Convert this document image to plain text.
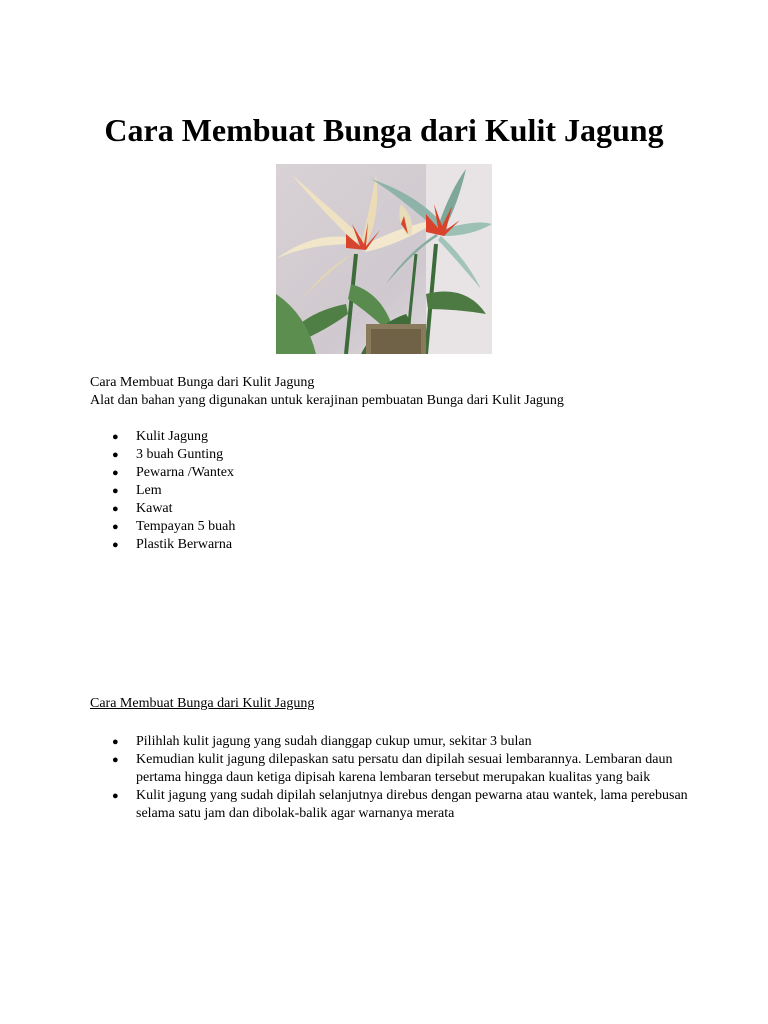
Cara Membuat Bunga dari Kulit Jagung

Cara Membuat Bunga dari Kulit Jagung

Alat dan bahan yang digunakan untuk kerajinan pembuatan Bunga dari Kulit Jagung

● Kulit Jagung
● 3 buah Gunting
● Pewarna /Wantex
● Lem
● Kawat
● Tempayan 5 buah
● Plastik Berwarna

Cara Membuat Bunga dari Kulit Jagung

● Pilihlah kulit jagung yang sudah dianggap cukup umur, sekitar 3 bulan
● Kemudian kulit jagung dilepaskan satu persatu dan dipilah sesuai lembarannya. Lembaran daun pertama hingga daun ketiga dipisah karena lembaran tersebut merupakan kualitas yang baik
● Kulit jagung yang sudah dipilah selanjutnya direbus dengan pewarna atau wantek, lama perebusan selama satu jam dan dibolak-balik agar warnanya merata
